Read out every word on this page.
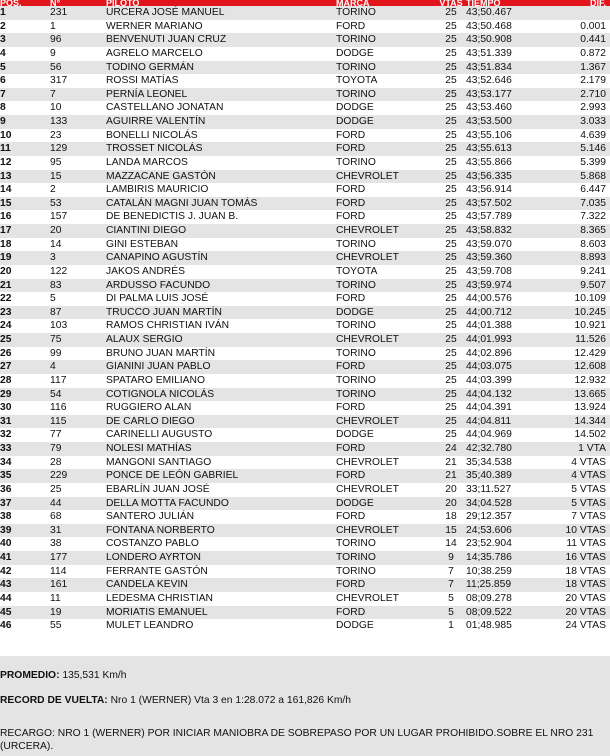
POS.	N°	PILOTO	MARCA	VTAS	TIEMPO	DIF.
1	231	URCERA JOSÉ MANUEL	TORINO	25	43;50.467	
2	1	WERNER MARIANO	FORD	25	43;50.468	0.001
3	96	BENVENUTI JUAN CRUZ	TORINO	25	43;50.908	0.441
4	9	AGRELO MARCELO	DODGE	25	43;51.339	0.872
5	56	TODINO GERMÁN	TORINO	25	43;51.834	1.367
6	317	ROSSI MATÍAS	TOYOTA	25	43;52.646	2.179
7	7	PERNÍA LEONEL	TORINO	25	43;53.177	2.710
8	10	CASTELLANO JONATAN	DODGE	25	43;53.460	2.993
9	133	AGUIRRE VALENTÍN	DODGE	25	43;53.500	3.033
10	23	BONELLI NICOLÁS	FORD	25	43;55.106	4.639
11	129	TROSSET NICOLÁS	FORD	25	43;55.613	5.146
12	95	LANDA MARCOS	TORINO	25	43;55.866	5.399
13	15	MAZZACANE GASTÓN	CHEVROLET	25	43;56.335	5.868
14	2	LAMBIRIS MAURICIO	FORD	25	43;56.914	6.447
15	53	CATALÁN MAGNI JUAN TOMÁS	FORD	25	43;57.502	7.035
16	157	DE BENEDICTIS J. JUAN B.	FORD	25	43;57.789	7.322
17	20	CIANTINI DIEGO	CHEVROLET	25	43;58.832	8.365
18	14	GINI ESTEBAN	TORINO	25	43;59.070	8.603
19	3	CANAPINO AGUSTÍN	CHEVROLET	25	43;59.360	8.893
20	122	JAKOS ANDRÉS	TOYOTA	25	43;59.708	9.241
21	83	ARDUSSO FACUNDO	TORINO	25	43;59.974	9.507
22	5	DI PALMA LUIS JOSÉ	FORD	25	44;00.576	10.109
23	87	TRUCCO JUAN MARTÍN	DODGE	25	44;00.712	10.245
24	103	RAMOS CHRISTIAN IVÁN	TORINO	25	44;01.388	10.921
25	75	ALAUX SERGIO	CHEVROLET	25	44;01.993	11.526
26	99	BRUNO JUAN MARTÍN	TORINO	25	44;02.896	12.429
27	4	GIANINI JUAN PABLO	FORD	25	44;03.075	12.608
28	117	SPATARO EMILIANO	TORINO	25	44;03.399	12.932
29	54	COTIGNOLA NICOLÁS	TORINO	25	44;04.132	13.665
30	116	RUGGIERO ALAN	FORD	25	44;04.391	13.924
31	115	DE CARLO DIEGO	CHEVROLET	25	44;04.811	14.344
32	77	CARINELLI AUGUSTO	DODGE	25	44;04.969	14.502
33	79	NOLESI MATHÍAS	FORD	24	42;32.780	1 VTA
34	28	MANGONI SANTIAGO	CHEVROLET	21	35;34.538	4 VTAS
35	229	PONCE DE LEÓN GABRIEL	FORD	21	35;40.389	4 VTAS
36	25	EBARLÍN JUAN JOSÉ	CHEVROLET	20	33;11.527	5 VTAS
37	44	DELLA MOTTA FACUNDO	DODGE	20	34;04.528	5 VTAS
38	68	SANTERO JULIÁN	FORD	18	29;12.357	7 VTAS
39	31	FONTANA NORBERTO	CHEVROLET	15	24;53.606	10 VTAS
40	38	COSTANZO PABLO	TORINO	14	23;52.904	11 VTAS
41	177	LONDERO AYRTON	TORINO	9	14;35.786	16 VTAS
42	114	FERRANTE GASTÓN	TORINO	7	10;38.259	18 VTAS
43	161	CANDELA KEVIN	FORD	7	11;25.859	18 VTAS
44	11	LEDESMA CHRISTIAN	CHEVROLET	5	08;09.278	20 VTAS
45	19	MORIATIS EMANUEL	FORD	5	08;09.522	20 VTAS
46	55	MULET LEANDRO	DODGE	1	01;48.985	24 VTAS
PROMEDIO: 135,531 Km/h
RECORD DE VUELTA: Nro 1 (WERNER) Vta 3 en 1:28.072 a 161,826 Km/h
RECARGO: NRO 1 (WERNER) POR INICIAR MANIOBRA DE SOBREPASO POR UN LUGAR PROHIBIDO.SOBRE EL NRO 231 (URCERA).
